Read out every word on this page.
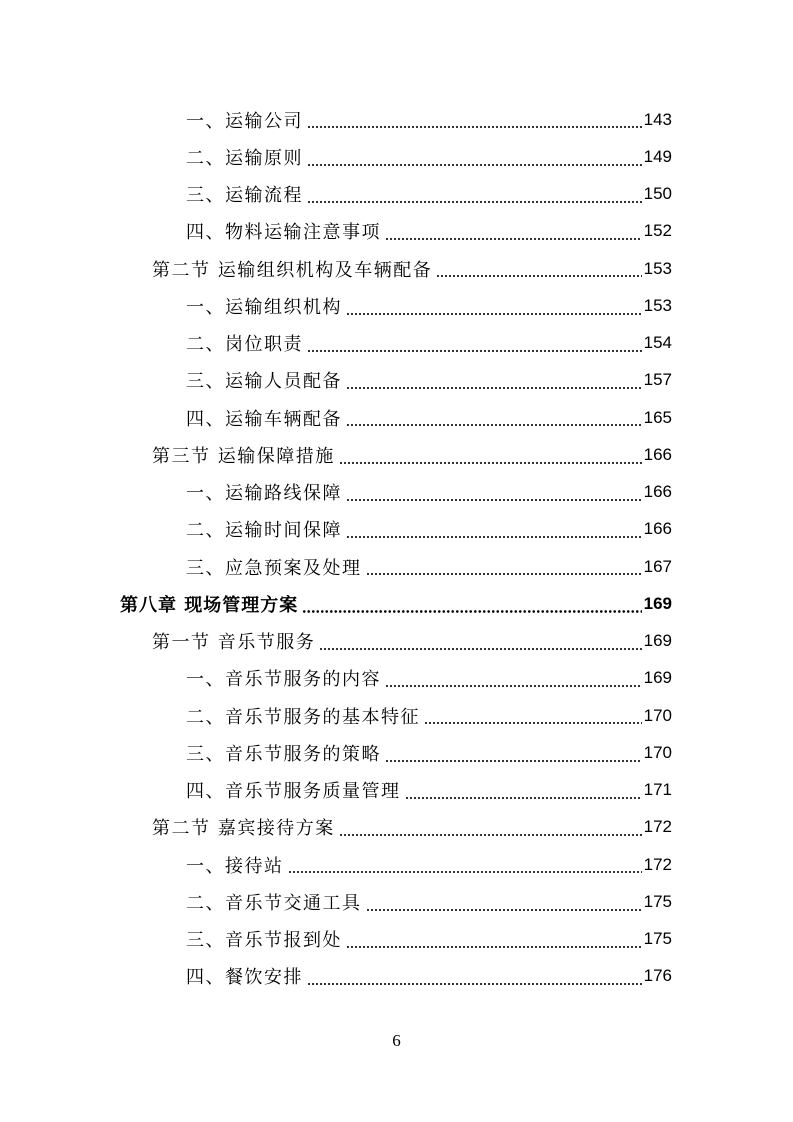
一、运输公司	143
二、运输原则	149
三、运输流程	150
四、物料运输注意事项	152
第二节 运输组织机构及车辆配备	153
一、运输组织机构	153
二、岗位职责	154
三、运输人员配备	157
四、运输车辆配备	165
第三节 运输保障措施	166
一、运输路线保障	166
二、运输时间保障	166
三、应急预案及处理	167
第八章 现场管理方案	169
第一节 音乐节服务	169
一、音乐节服务的内容	169
二、音乐节服务的基本特征	170
三、音乐节服务的策略	170
四、音乐节服务质量管理	171
第二节 嘉宾接待方案	172
一、接待站	172
二、音乐节交通工具	175
三、音乐节报到处	175
四、餐饮安排	176
6
